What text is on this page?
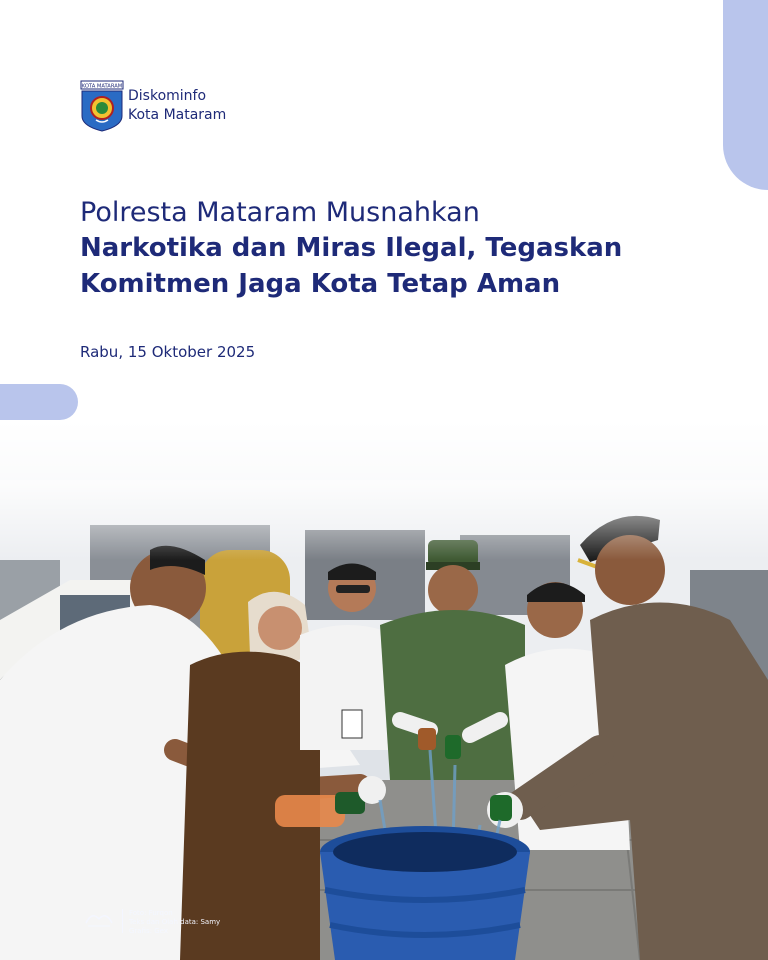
KOTA MATARAM
Diskominfo
Kota Mataram
Polresta Mataram Musnahkan
Narkotika dan Miras Ilegal, Tegaskan
Komitmen Jaga Kota Tetap Aman
Rabu, 15 Oktober 2025
Foto: Furqon
Teks dan Olah data: Samy
Grafis: Gex
